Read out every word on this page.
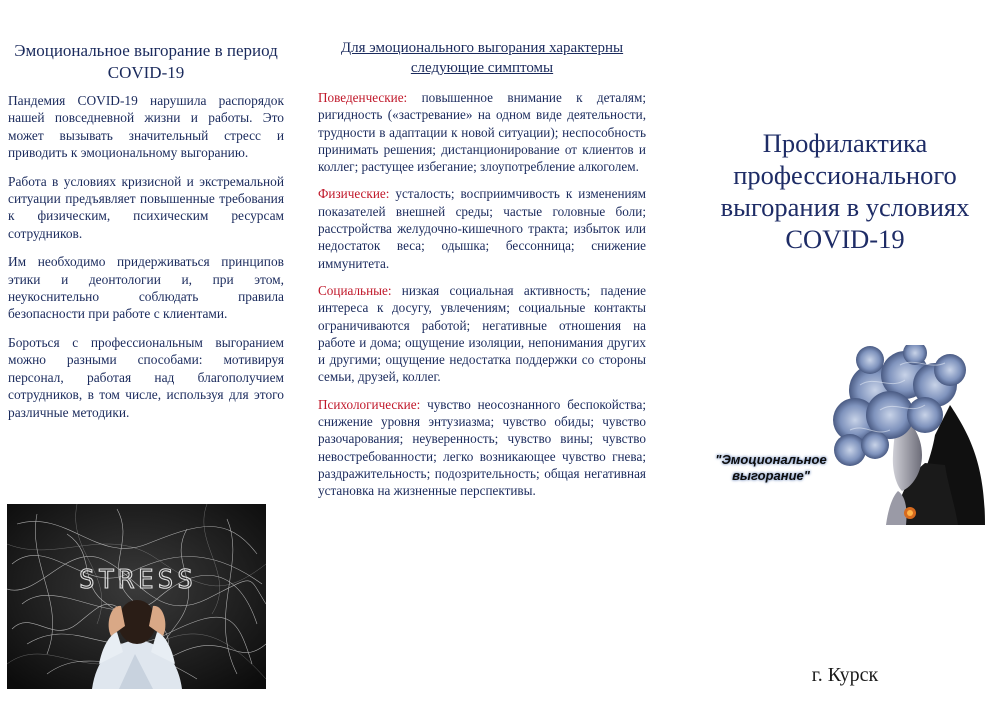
Эмоциональное выгорание в период COVID-19

Пандемия COVID-19 нарушила распорядок нашей повседневной жизни и работы. Это может вызывать значительный стресс и приводить к эмоциональному выгоранию.

Работа в условиях кризисной и экстремальной ситуации предъявляет повышенные требования к физическим, психическим ресурсам сотрудников.

Им необходимо придерживаться принципов этики и деонтологии и, при этом, неукоснительно соблюдать правила безопасности при работе с клиентами.

Бороться с профессиональным выгоранием можно разными способами: мотивируя персонал, работая над благополучием сотрудников, в том числе, используя для этого различные методики.

STRESS
Для эмоционального выгорания характерны следующие симптомы

Поведенческие: повышенное внимание к деталям; ригидность («застревание» на одном виде деятельности, трудности в адаптации к новой ситуации); неспособность принимать решения; дистанционирование от клиентов и коллег; растущее избегание; злоупотребление алкоголем.

Физические: усталость; восприимчивость к изменениям показателей внешней среды; частые головные боли; расстройства желудочно-кишечного тракта; избыток или недостаток веса; одышка; бессонница; снижение иммунитета.

Социальные: низкая социальная активность; падение интереса к досугу, увлечениям; социальные контакты ограничиваются работой; негативные отношения на работе и дома; ощущение изоляции, непонимания других и другими; ощущение недостатка поддержки со стороны семьи, друзей, коллег.

Психологические: чувство неосознанного беспокойства; снижение уровня энтузиазма; чувство обиды; чувство разочарования; неуверенность; чувство вины; чувство невостребованности; легко возникающее чувство гнева; раздражительность; подозрительность; общая негативная установка на жизненные перспективы.

Профилактика профессионального выгорания в условиях COVID-19
г. Курск
"Эмоциональное выгорание"
